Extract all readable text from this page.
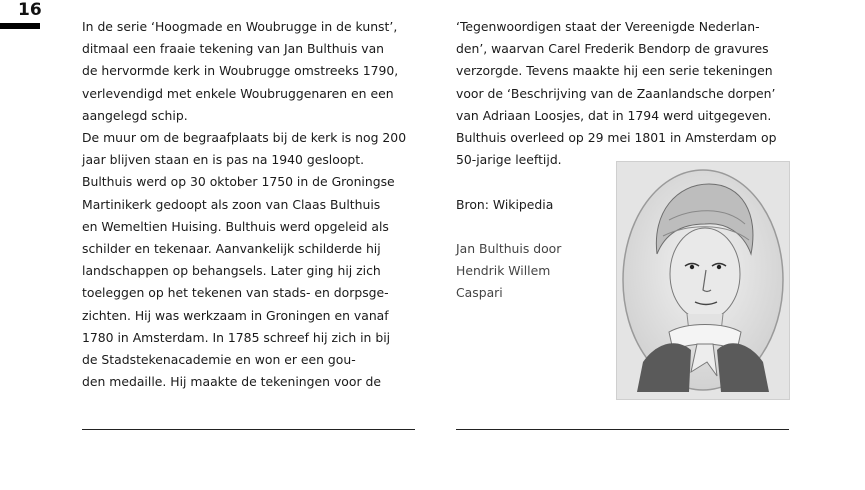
16
In de serie ‘Hoogmade en Woubrugge in de kunst’,
ditmaal een fraaie tekening van Jan Bulthuis van
de hervormde kerk in Woubrugge omstreeks 1790,
verlevendigd met enkele Woubruggenaren en een
aangelegd schip.
De muur om de begraafplaats bij de kerk is nog 200
jaar blijven staan en is pas na 1940 gesloopt.
Bulthuis werd op 30 oktober 1750 in de Groningse
Martinikerk gedoopt als zoon van Claas Bulthuis
en Wemeltien Huising. Bulthuis werd opgeleid als
schilder en tekenaar. Aanvankelijk schilderde hij
landschappen op behangsels. Later ging hij zich
toeleggen op het tekenen van stads- en dorpsge-
zichten. Hij was werkzaam in Groningen en vanaf
1780 in Amsterdam. In 1785 schreef hij zich in bij
de Stadstekenacademie en won er een gou-
den medaille. Hij maakte de tekeningen voor de
‘Tegenwoordigen staat der Vereenigde Nederlan-
den’, waarvan Carel Frederik Bendorp de gravures
verzorgde. Tevens maakte hij een serie tekeningen
voor de ‘Beschrijving van de Zaanlandsche dorpen’
van Adriaan Loosjes, dat in 1794 werd uitgegeven.
Bulthuis overleed op 29 mei 1801 in Amsterdam op
50-jarige leeftijd.
Bron: Wikipedia
Jan Bulthuis door
Hendrik Willem
Caspari
